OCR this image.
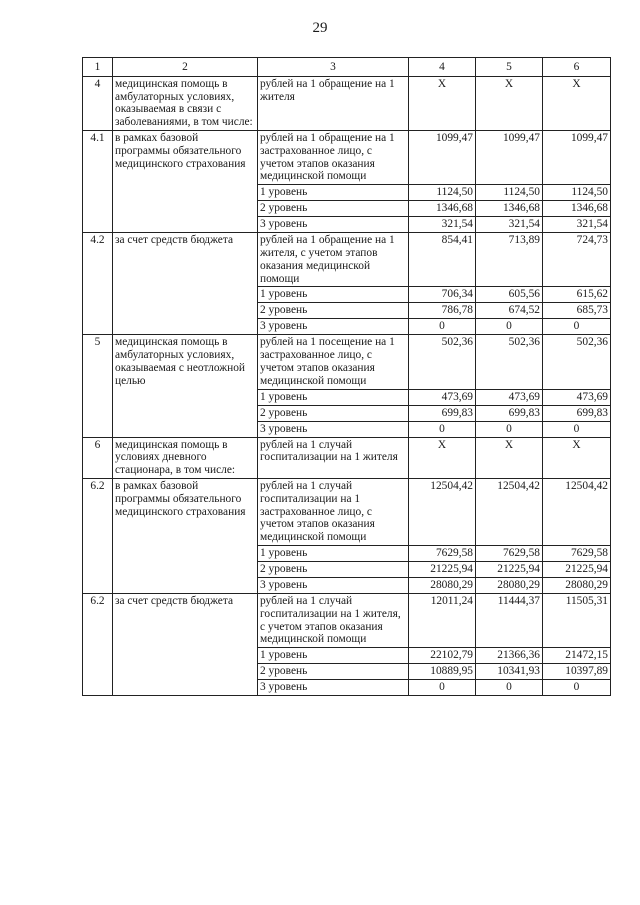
29
1	2	3	4	5	6
4	медицинская помощь в амбулаторных условиях, оказываемая в связи с заболеваниями, в том числе:	рублей на 1 обращение на 1 жителя	X	X	X
4.1	в рамках базовой программы обязательного медицинского страхования	рублей на 1 обращение на 1 застрахованное лицо, с учетом этапов оказания медицинской помощи	1099,47	1099,47	1099,47
		1 уровень	1124,50	1124,50	1124,50
		2 уровень	1346,68	1346,68	1346,68
		3 уровень	321,54	321,54	321,54
4.2	за счет средств бюджета	рублей на 1 обращение на 1 жителя, с учетом этапов оказания медицинской помощи	854,41	713,89	724,73
		1 уровень	706,34	605,56	615,62
		2 уровень	786,78	674,52	685,73
		3 уровень	0	0	0
5	медицинская помощь в амбулаторных условиях, оказываемая с неотложной целью	рублей на 1 посещение на 1 застрахованное лицо, с учетом этапов оказания медицинской помощи	502,36	502,36	502,36
		1 уровень	473,69	473,69	473,69
		2 уровень	699,83	699,83	699,83
		3 уровень	0	0	0
6	медицинская помощь в условиях дневного стационара, в том числе:	рублей на 1 случай госпитализации на 1 жителя	X	X	X
6.2	в рамках базовой программы обязательного медицинского страхования	рублей на 1 случай госпитализации на 1 застрахованное лицо, с учетом этапов оказания медицинской помощи	12504,42	12504,42	12504,42
		1 уровень	7629,58	7629,58	7629,58
		2 уровень	21225,94	21225,94	21225,94
		3 уровень	28080,29	28080,29	28080,29
6.2	за счет средств бюджета	рублей на 1 случай госпитализации на 1 жителя, с учетом этапов оказания медицинской помощи	12011,24	11444,37	11505,31
		1 уровень	22102,79	21366,36	21472,15
		2 уровень	10889,95	10341,93	10397,89
		3 уровень	0	0	0
